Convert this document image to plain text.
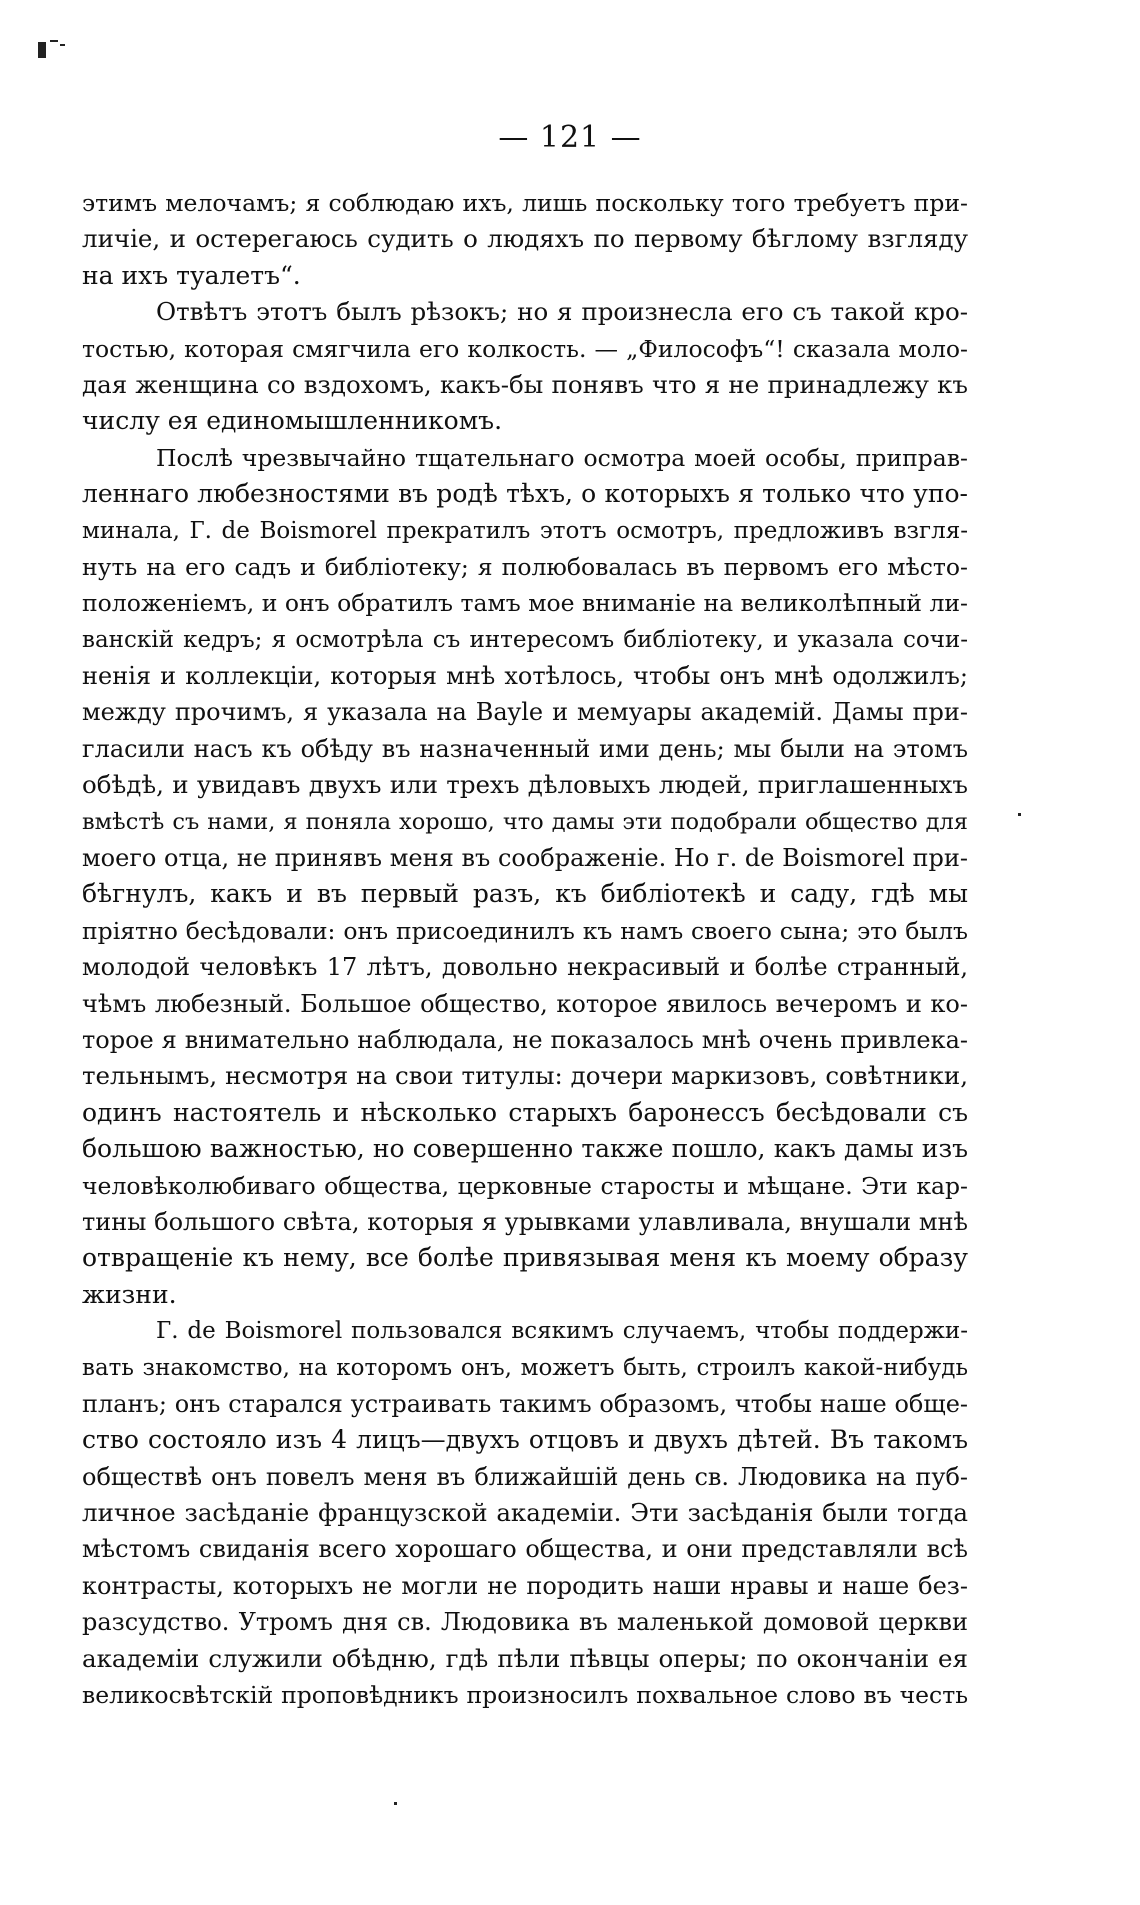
— 121 —
этимъ мелочамъ; я соблюдаю ихъ, лишь поскольку того требуетъ при-
личіе, и остерегаюсь судить о людяхъ по первому бѣглому взгляду
на ихъ туалетъ“.
Отвѣтъ этотъ былъ рѣзокъ; но я произнесла его съ такой кро-
тостью, которая смягчила его колкость. — „Философъ“! сказала моло-
дая женщина со вздохомъ, какъ-бы понявъ что я не принадлежу къ
числу ея единомышленникомъ.
Послѣ чрезвычайно тщательнаго осмотра моей особы, приправ-
леннаго любезностями въ родѣ тѣхъ, о которыхъ я только что упо-
минала, Г. de Boismorel прекратилъ этотъ осмотръ, предложивъ взгля-
нуть на его садъ и библіотеку; я полюбовалась въ первомъ его мѣсто-
положеніемъ, и онъ обратилъ тамъ мое вниманіе на великолѣпный ли-
ванскій кедръ; я осмотрѣла съ интересомъ библіотеку, и указала сочи-
ненія и коллекціи, которыя мнѣ хотѣлось, чтобы онъ мнѣ одолжилъ;
между прочимъ, я указала на Bayle и мемуары академій. Дамы при-
гласили насъ къ обѣду въ назначенный ими день; мы были на этомъ
обѣдѣ, и увидавъ двухъ или трехъ дѣловыхъ людей, приглашенныхъ
вмѣстѣ съ нами, я поняла хорошо, что дамы эти подобрали общество для
моего отца, не принявъ меня въ соображеніе. Но г. de Boismorel при-
бѣгнулъ, какъ и въ первый разъ, къ библіотекѣ и саду, гдѣ мы
пріятно бесѣдовали: онъ присоединилъ къ намъ своего сына; это былъ
молодой человѣкъ 17 лѣтъ, довольно некрасивый и болѣе странный,
чѣмъ любезный. Большое общество, которое явилось вечеромъ и ко-
торое я внимательно наблюдала, не показалось мнѣ очень привлека-
тельнымъ, несмотря на свои титулы: дочери маркизовъ, совѣтники,
одинъ настоятель и нѣсколько старыхъ баронессъ бесѣдовали съ
большою важностью, но совершенно также пошло, какъ дамы изъ
человѣколюбиваго общества, церковные старосты и мѣщане. Эти кар-
тины большого свѣта, которыя я урывками улавливала, внушали мнѣ
отвращеніе къ нему, все болѣе привязывая меня къ моему образу
жизни.
Г. de Boismorel пользовался всякимъ случаемъ, чтобы поддержи-
вать знакомство, на которомъ онъ, можетъ быть, строилъ какой-нибудь
планъ; онъ старался устраивать такимъ образомъ, чтобы наше обще-
ство состояло изъ 4 лицъ—двухъ отцовъ и двухъ дѣтей. Въ такомъ
обществѣ онъ повелъ меня въ ближайшій день св. Людовика на пуб-
личное засѣданіе французской академіи. Эти засѣданія были тогда
мѣстомъ свиданія всего хорошаго общества, и они представляли всѣ
контрасты, которыхъ не могли не породить наши нравы и наше без-
разсудство. Утромъ дня св. Людовика въ маленькой домовой церкви
академіи служили обѣдню, гдѣ пѣли пѣвцы оперы; по окончаніи ея
великосвѣтскій проповѣдникъ произносилъ похвальное слово въ честь
